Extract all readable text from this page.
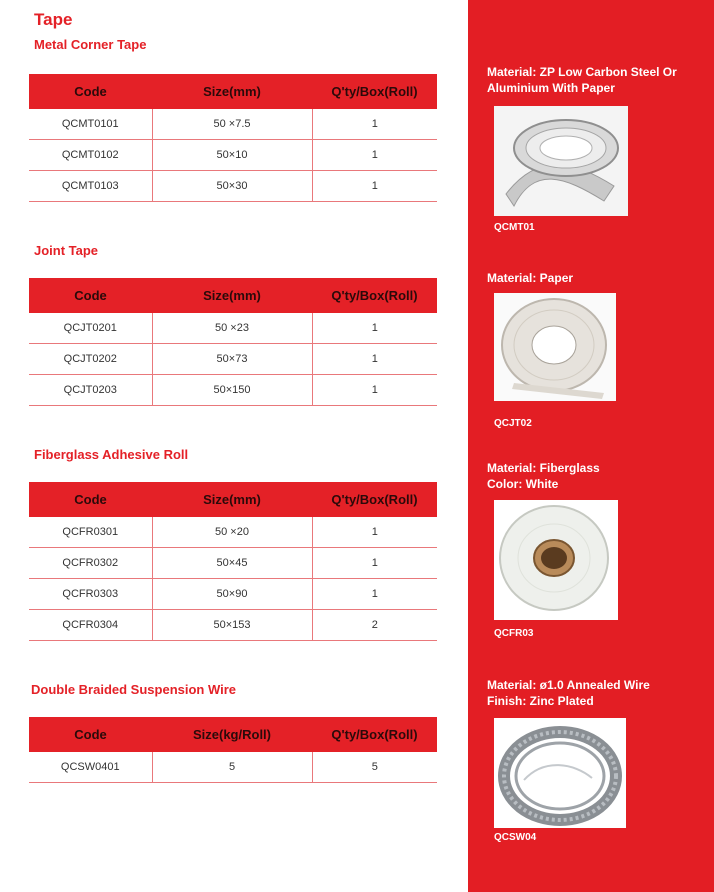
Tape
Metal Corner Tape
Code	Size(mm)	Q'ty/Box(Roll)
QCMT0101	50 ×7.5	1
QCMT0102	50×10	1
QCMT0103	50×30	1
Joint Tape
Code	Size(mm)	Q'ty/Box(Roll)
QCJT0201	50 ×23	1
QCJT0202	50×73	1
QCJT0203	50×150	1
Fiberglass Adhesive Roll
Code	Size(mm)	Q'ty/Box(Roll)
QCFR0301	50 ×20	1
QCFR0302	50×45	1
QCFR0303	50×90	1
QCFR0304	50×153	2
Double Braided Suspension Wire
Code	Size(kg/Roll)	Q'ty/Box(Roll)
QCSW0401	5	5
Material: ZP Low Carbon Steel Or
Aluminium With Paper
QCMT01
Material: Paper
QCJT02
Material: Fiberglass
Color: White
QCFR03
Material: ø1.0 Annealed Wire
Finish: Zinc Plated
QCSW04
